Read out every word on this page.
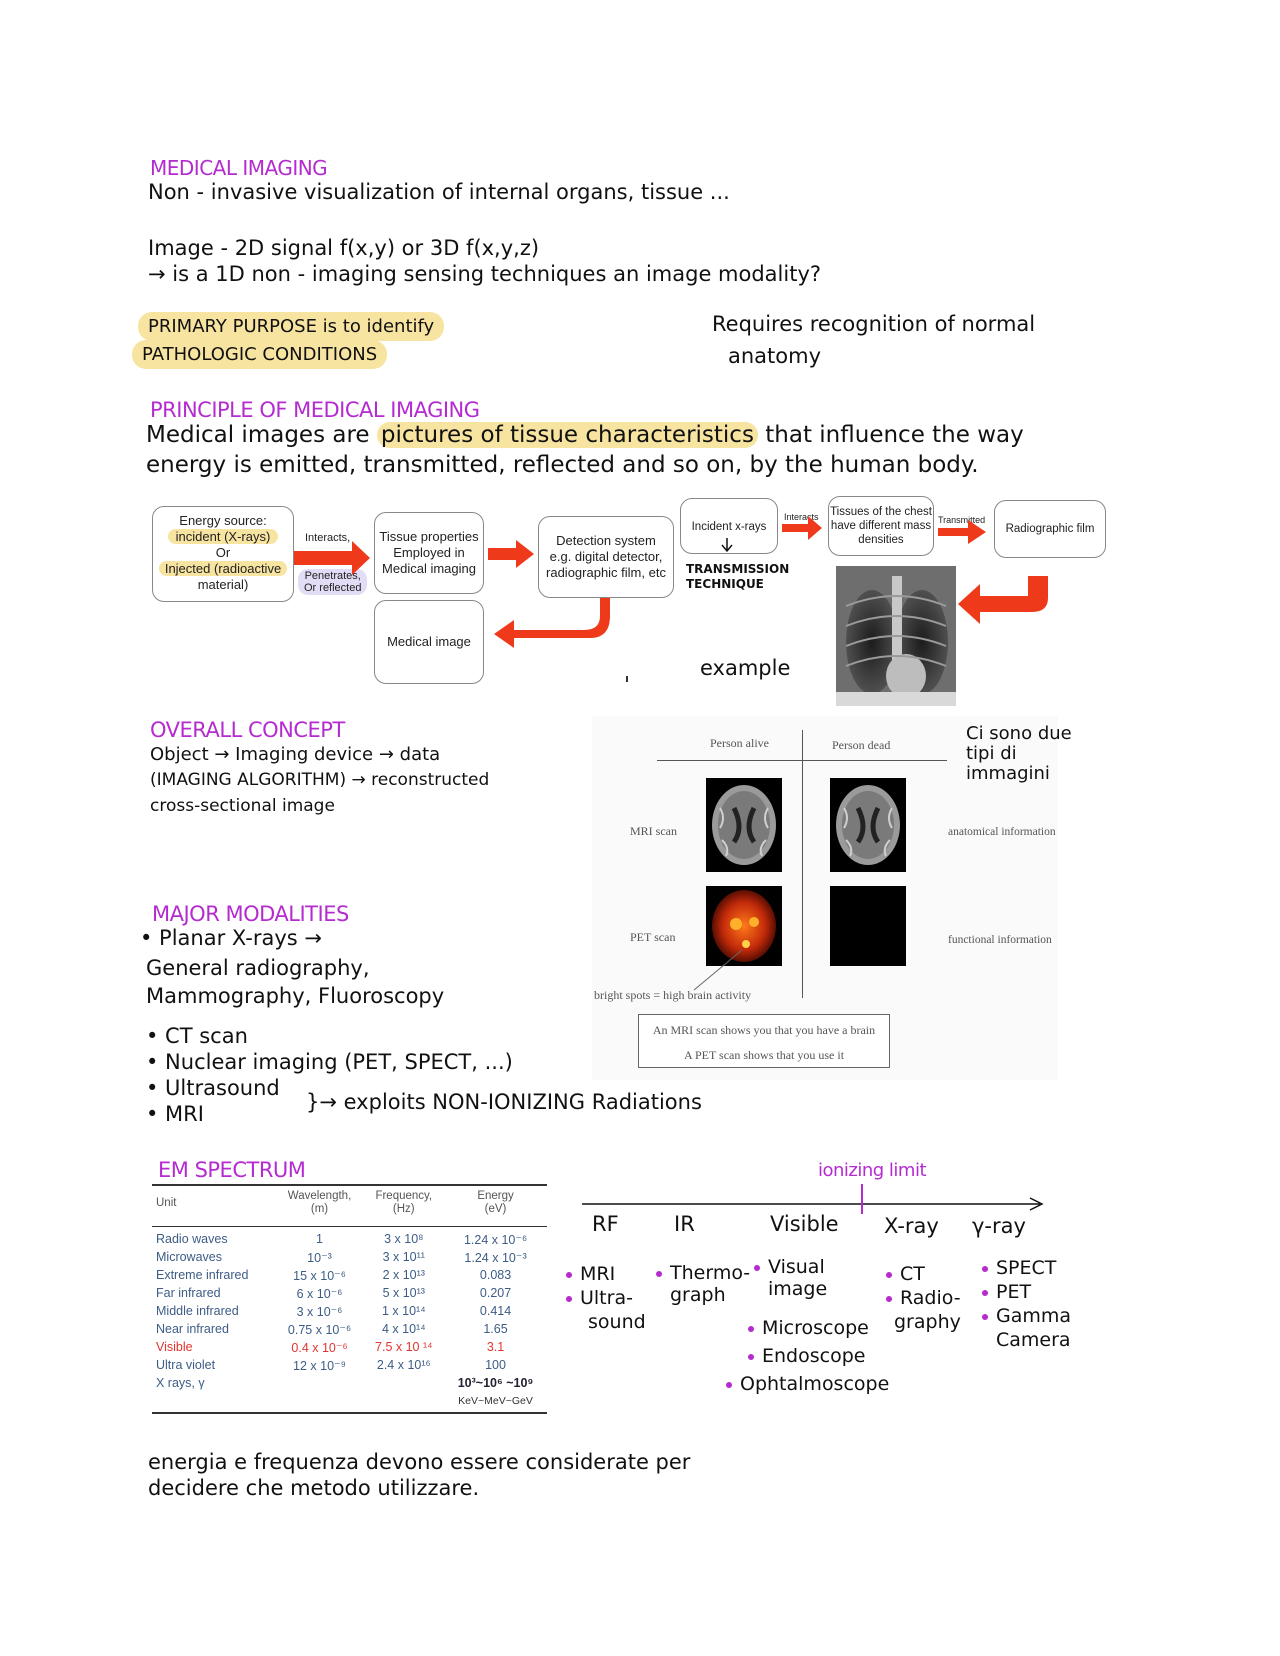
MEDICAL IMAGING
Non - invasive visualization of internal organs, tissue ...
Image - 2D signal f(x,y) or 3D f(x,y,z)
→ is a 1D non - imaging sensing techniques an image modality?
PRIMARY PURPOSE is to identify
PATHOLOGIC CONDITIONS
Requires recognition of normal
anatomy
PRINCIPLE OF MEDICAL IMAGING
Medical images are pictures of tissue characteristics that influence the way
energy is emitted, transmitted, reflected and so on, by the human body.
Energy source:
incident (X-rays)
Or
Injected (radioactive
material)
Interacts,
Penetrates,
Or reflected
Tissue properties
Employed in
Medical imaging
Detection system
e.g. digital detector,
radiographic film, etc
Medical image
Incident x-rays
Interacts Tissues of the chest
have different mass
densities
Transmitted
Radiographic film
TRANSMISSION
TECHNIQUE
example
OVERALL CONCEPT
Object → Imaging device → data
(IMAGING ALGORITHM) → reconstructed
cross-sectional image
Person alive	Person dead
MRI scan
PET scan
anatomical information
functional information
bright spots = high brain activity
An MRI scan shows you that you have a brain
A PET scan shows that you use it
Ci sono due
tipi di
immagini
MAJOR MODALITIES
• Planar X-rays →
General radiography,
Mammography, Fluoroscopy
• CT scan
• Nuclear imaging (PET, SPECT, ...)
• Ultrasound
• MRI	}→ exploits NON-IONIZING Radiations
EM SPECTRUM
Unit	Wavelength,
(m)	Frequency,
(Hz)	Energy
(eV)

Radio waves	1	3 x 10⁸	1.24 x 10⁻⁶
Microwaves	10⁻³	3 x 10¹¹	1.24 x 10⁻³
Extreme infrared	15 x 10⁻⁶	2 x 10¹³	0.083
Far infrared	6 x 10⁻⁶	5 x 10¹³	0.207
Middle infrared	3 x 10⁻⁶	1 x 10¹⁴	0.414
Near infrared	0.75 x 10⁻⁶	4 x 10¹⁴	1.65
Visible	0.4 x 10⁻⁶	7.5 x 10 ¹⁴	3.1
Ultra violet	12 x 10⁻⁹	2.4 x 10¹⁶	100
X rays, γ			10³~10⁶ ~10⁹
			KeV~MeV~GeV
ionizing limit
RF	IR	Visible X-ray γ-ray
MRI
Ultra-
sound
Thermo-
graph
Visual
image
Microscope
Endoscope
Ophtalmoscope
CT
Radio-
graphy
SPECT
PET
Gamma
Camera
energia e frequenza devono essere considerate per
decidere che metodo utilizzare.
